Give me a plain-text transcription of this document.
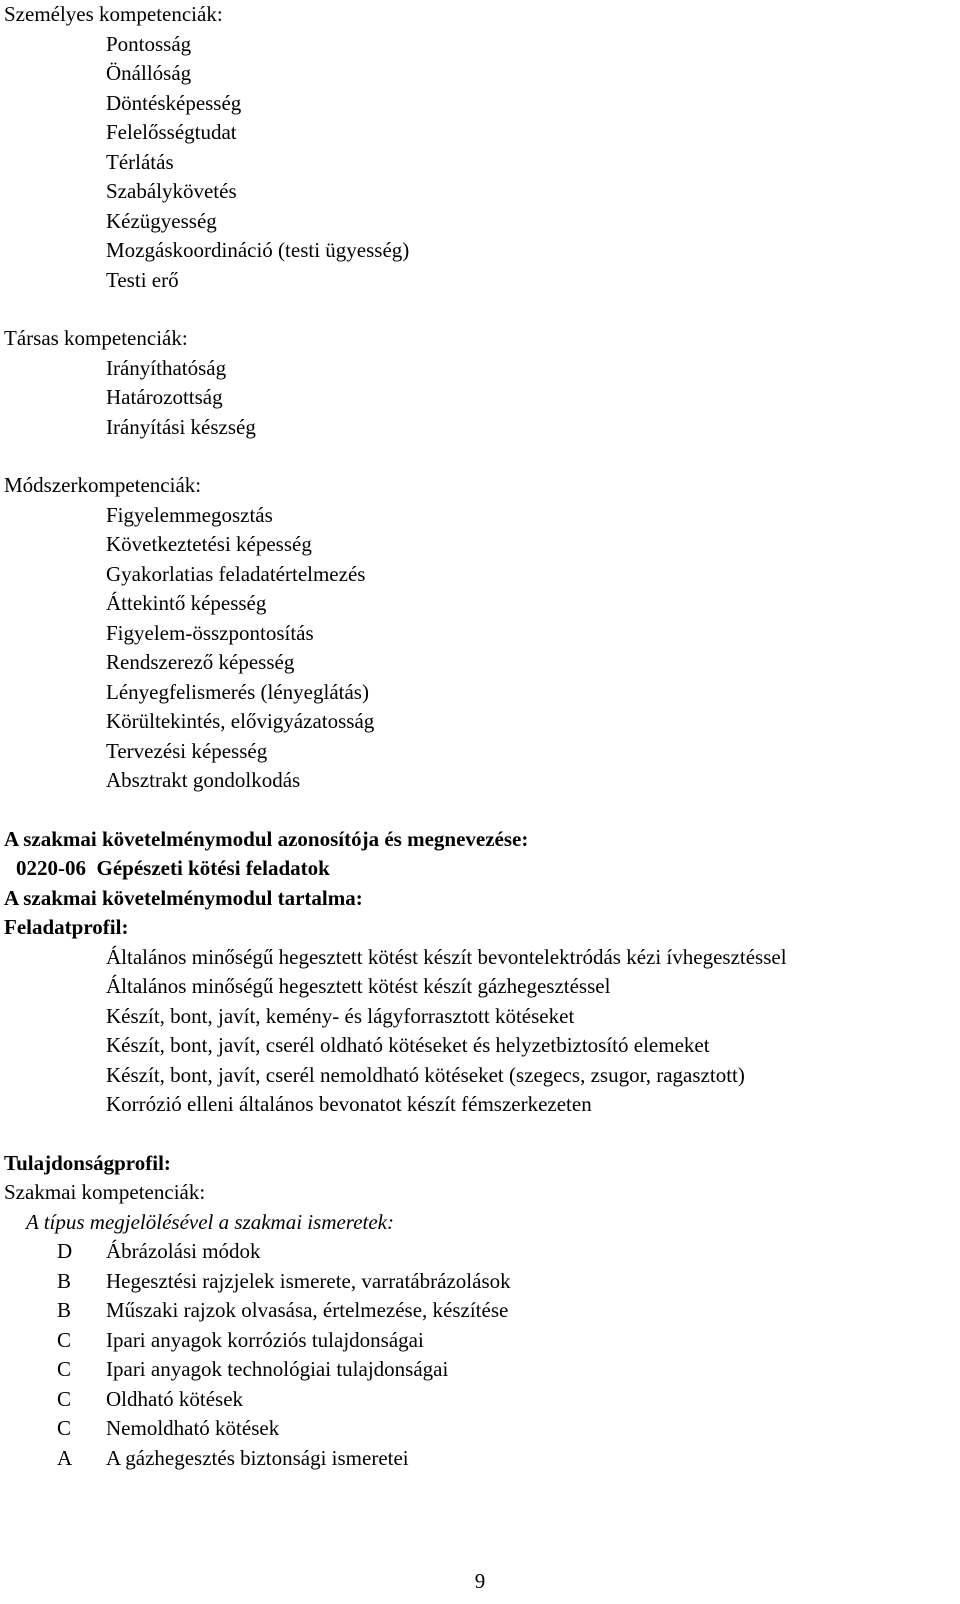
Személyes kompetenciák:
Pontosság
Önállóság
Döntésképesség
Felelősségtudat
Térlátás
Szabálykövetés
Kézügyesség
Mozgáskoordináció (testi ügyesség)
Testi erő
Társas kompetenciák:
Irányíthatóság
Határozottság
Irányítási készség
Módszerkompetenciák:
Figyelemmegosztás
Következtetési képesség
Gyakorlatias feladatértelmezés
Áttekintő képesség
Figyelem-összpontosítás
Rendszerező képesség
Lényegfelismerés (lényeglátás)
Körültekintés, elővigyázatosság
Tervezési képesség
Absztrakt gondolkodás
A szakmai követelménymodul azonosítója és megnevezése:
0220-06  Gépészeti kötési feladatok
A szakmai követelménymodul tartalma:
Feladatprofil:
Általános minőségű hegesztett kötést készít bevontelektródás kézi ívhegesztéssel
Általános minőségű hegesztett kötést készít gázhegesztéssel
Készít, bont, javít, kemény- és lágyforrasztott kötéseket
Készít, bont, javít, cserél oldható kötéseket és helyzetbiztosító elemeket
Készít, bont, javít, cserél nemoldható kötéseket (szegecs, zsugor, ragasztott)
Korrózió elleni általános bevonatot készít fémszerkezeten
Tulajdonságprofil:
Szakmai kompetenciák:
A típus megjelölésével a szakmai ismeretek:
D	Ábrázolási módok
B	Hegesztési rajzjelek ismerete, varratábrázolások
B	Műszaki rajzok olvasása, értelmezése, készítése
C	Ipari anyagok korróziós tulajdonságai
C	Ipari anyagok technológiai tulajdonságai
C	Oldható kötések
C	Nemoldható kötések
A	A gázhegesztés biztonsági ismeretei
9
